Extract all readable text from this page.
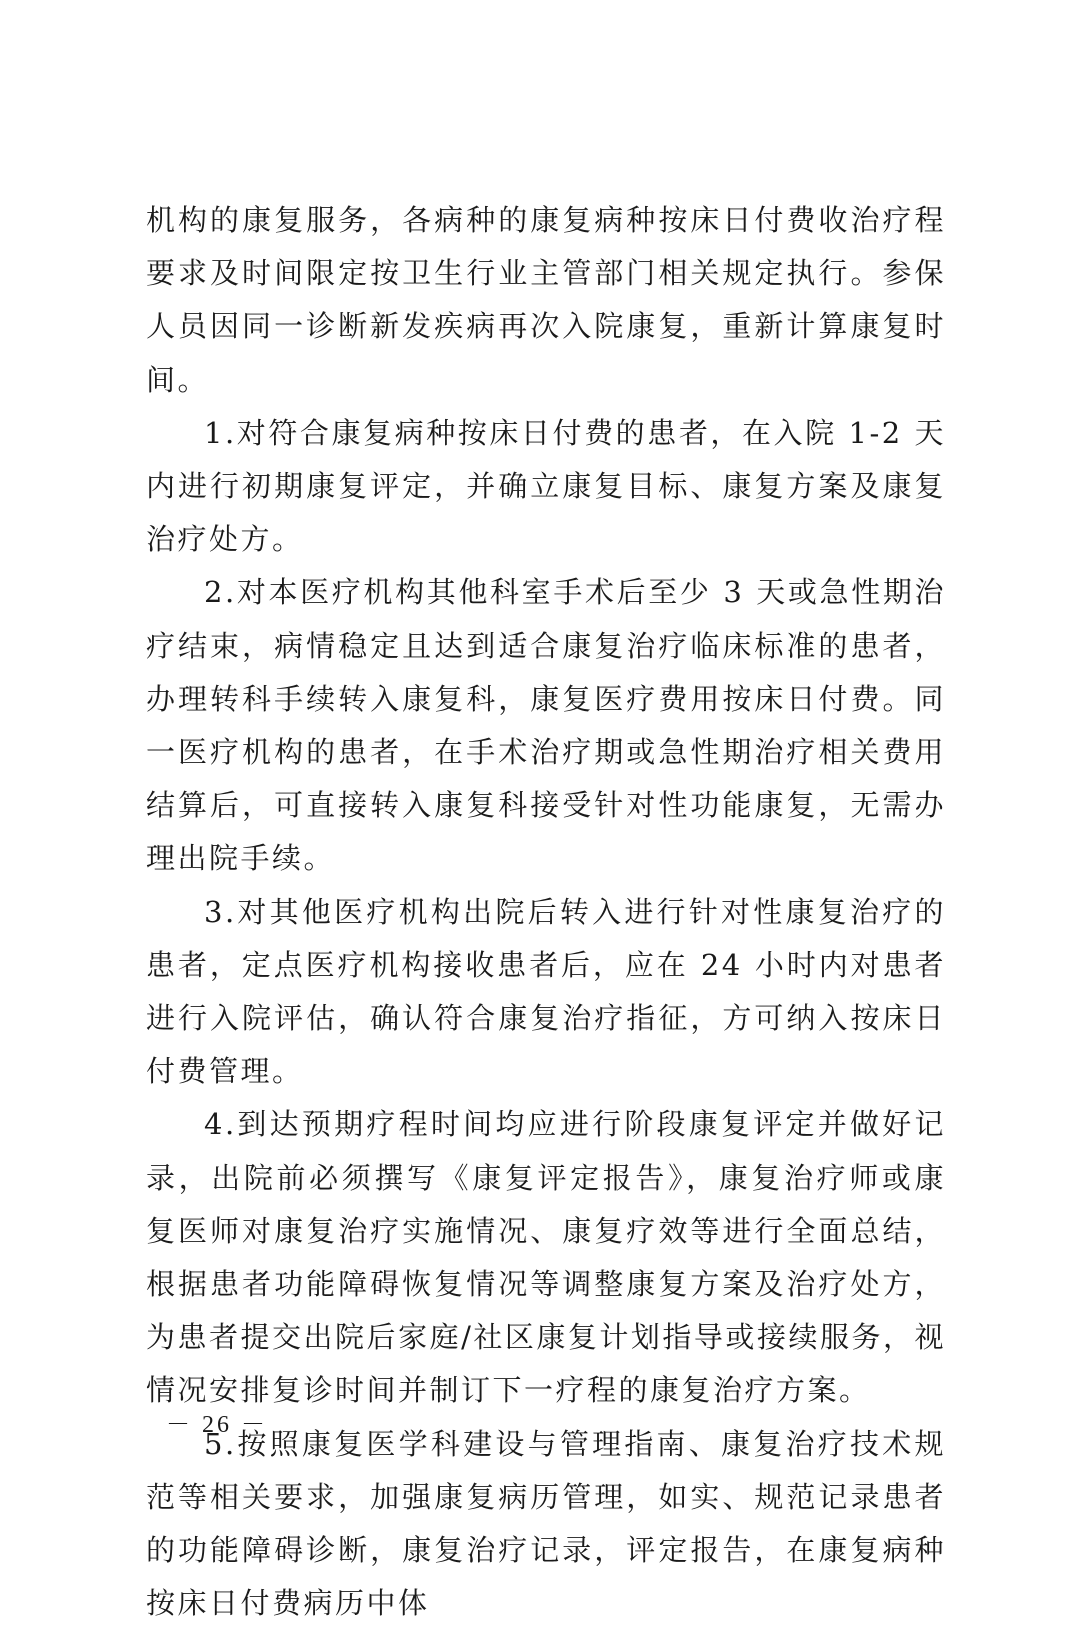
机构的康复服务，各病种的康复病种按床日付费收治疗程要求及时间限定按卫生行业主管部门相关规定执行。参保人员因同一诊断新发疾病再次入院康复，重新计算康复时间。

1.对符合康复病种按床日付费的患者，在入院 1-2 天内进行初期康复评定，并确立康复目标、康复方案及康复治疗处方。

2.对本医疗机构其他科室手术后至少 3 天或急性期治疗结束，病情稳定且达到适合康复治疗临床标准的患者，办理转科手续转入康复科，康复医疗费用按床日付费。同一医疗机构的患者，在手术治疗期或急性期治疗相关费用结算后，可直接转入康复科接受针对性功能康复，无需办理出院手续。

3.对其他医疗机构出院后转入进行针对性康复治疗的患者，定点医疗机构接收患者后，应在 24 小时内对患者进行入院评估，确认符合康复治疗指征，方可纳入按床日付费管理。

4.到达预期疗程时间均应进行阶段康复评定并做好记录，出院前必须撰写《康复评定报告》，康复治疗师或康复医师对康复治疗实施情况、康复疗效等进行全面总结，根据患者功能障碍恢复情况等调整康复方案及治疗处方，为患者提交出院后家庭/社区康复计划指导或接续服务，视情况安排复诊时间并制订下一疗程的康复治疗方案。

5.按照康复医学科建设与管理指南、康复治疗技术规范等相关要求，加强康复病历管理，如实、规范记录患者的功能障碍诊断，康复治疗记录，评定报告，在康复病种按床日付费病历中体

－ 26 －
